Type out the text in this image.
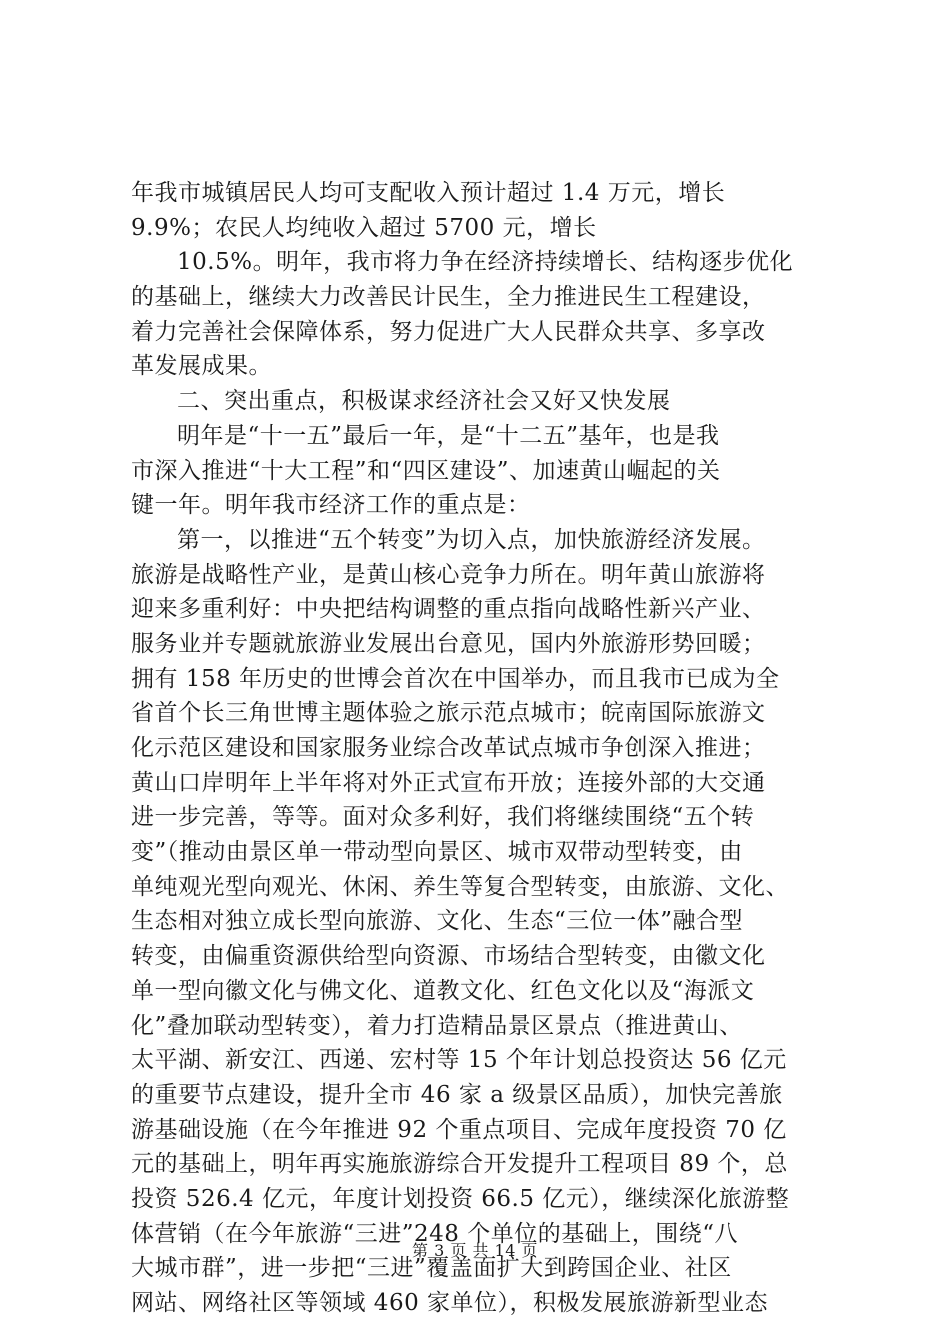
年我市城镇居民人均可支配收入预计超过 1.4 万元，增长
9.9%；农民人均纯收入超过 5700 元，增长
10.5%。明年，我市将力争在经济持续增长、结构逐步优化
的基础上，继续大力改善民计民生，全力推进民生工程建设，
着力完善社会保障体系，努力促进广大人民群众共享、多享改
革发展成果。
二、突出重点，积极谋求经济社会又好又快发展
明年是“十一五”最后一年，是“十二五”基年，也是我
市深入推进“十大工程”和“四区建设”、加速黄山崛起的关
键一年。明年我市经济工作的重点是：
第一，以推进“五个转变”为切入点，加快旅游经济发展。
旅游是战略性产业，是黄山核心竞争力所在。明年黄山旅游将
迎来多重利好：中央把结构调整的重点指向战略性新兴产业、
服务业并专题就旅游业发展出台意见，国内外旅游形势回暖；
拥有 158 年历史的世博会首次在中国举办，而且我市已成为全
省首个长三角世博主题体验之旅示范点城市；皖南国际旅游文
化示范区建设和国家服务业综合改革试点城市争创深入推进；
黄山口岸明年上半年将对外正式宣布开放；连接外部的大交通
进一步完善，等等。面对众多利好，我们将继续围绕“五个转
变”（推动由景区单一带动型向景区、城市双带动型转变，由
单纯观光型向观光、休闲、养生等复合型转变，由旅游、文化、
生态相对独立成长型向旅游、文化、生态“三位一体”融合型
转变，由偏重资源供给型向资源、市场结合型转变，由徽文化
单一型向徽文化与佛文化、道教文化、红色文化以及“海派文
化”叠加联动型转变），着力打造精品景区景点（推进黄山、
太平湖、新安江、西递、宏村等 15 个年计划总投资达 56 亿元
的重要节点建设，提升全市 46 家 a 级景区品质），加快完善旅
游基础设施（在今年推进 92 个重点项目、完成年度投资 70 亿
元的基础上，明年再实施旅游综合开发提升工程项目 89 个，总
投资 526.4 亿元，年度计划投资 66.5 亿元），继续深化旅游整
体营销（在今年旅游“三进”248 个单位的基础上，围绕“八
大城市群”，进一步把“三进”覆盖面扩大到跨国企业、社区
网站、网络社区等领域 460 家单位），积极发展旅游新型业态
第 3 页 共 14 页
